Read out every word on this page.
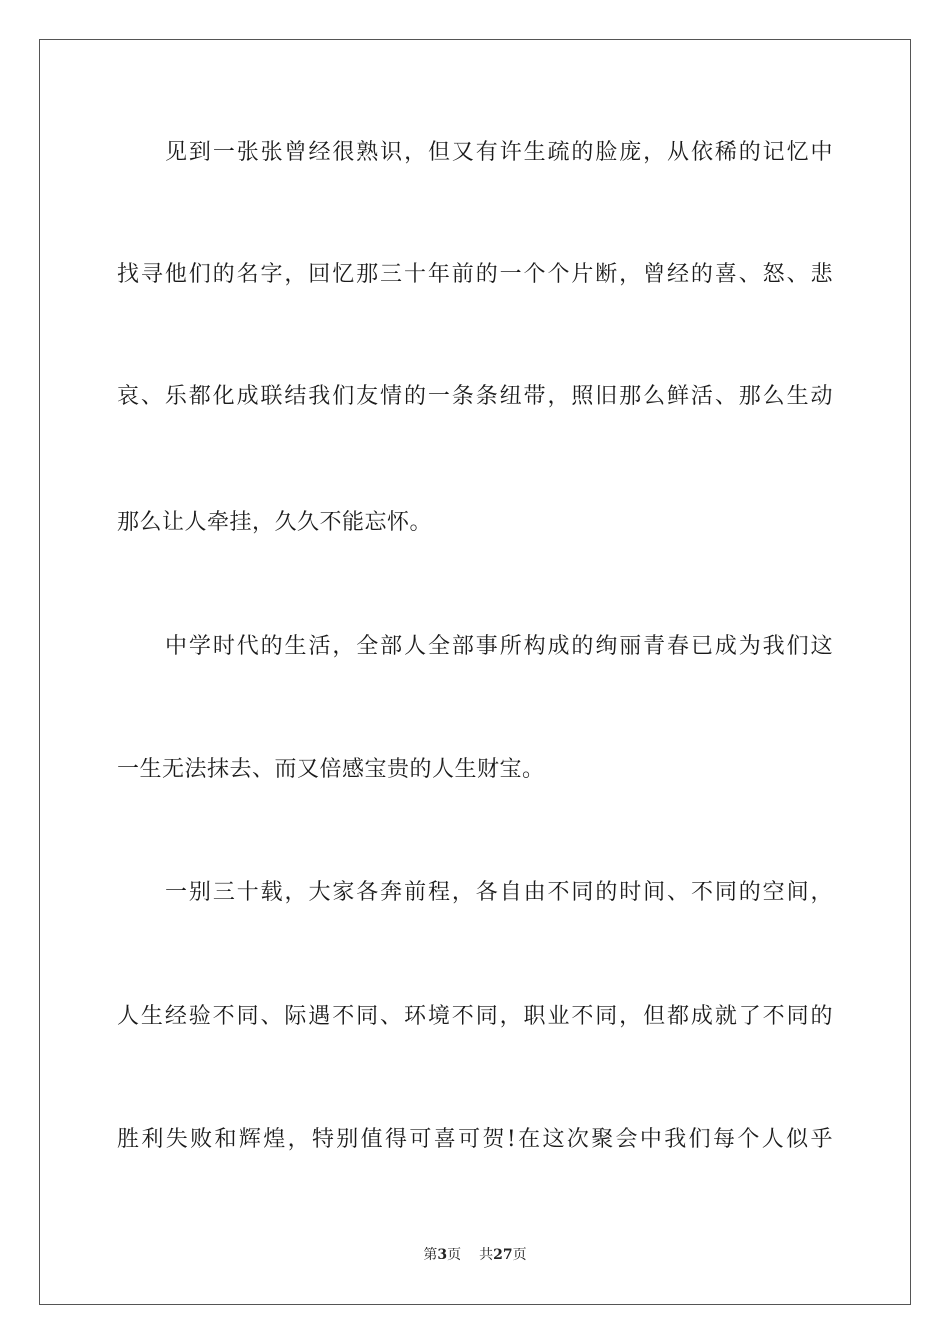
见到一张张曾经很熟识，但又有许生疏的脸庞，从依稀的记忆中
找寻他们的名字，回忆那三十年前的一个个片断，曾经的喜、怒、悲
哀、乐都化成联结我们友情的一条条纽带，照旧那么鲜活、那么生动
那么让人牵挂，久久不能忘怀。
中学时代的生活，全部人全部事所构成的绚丽青春已成为我们这
一生无法抹去、而又倍感宝贵的人生财宝。
一别三十载，大家各奔前程，各自由不同的时间、不同的空间，
人生经验不同、际遇不同、环境不同，职业不同，但都成就了不同的
胜利失败和辉煌，特别值得可喜可贺!在这次聚会中我们每个人似乎
第3页 共27页
